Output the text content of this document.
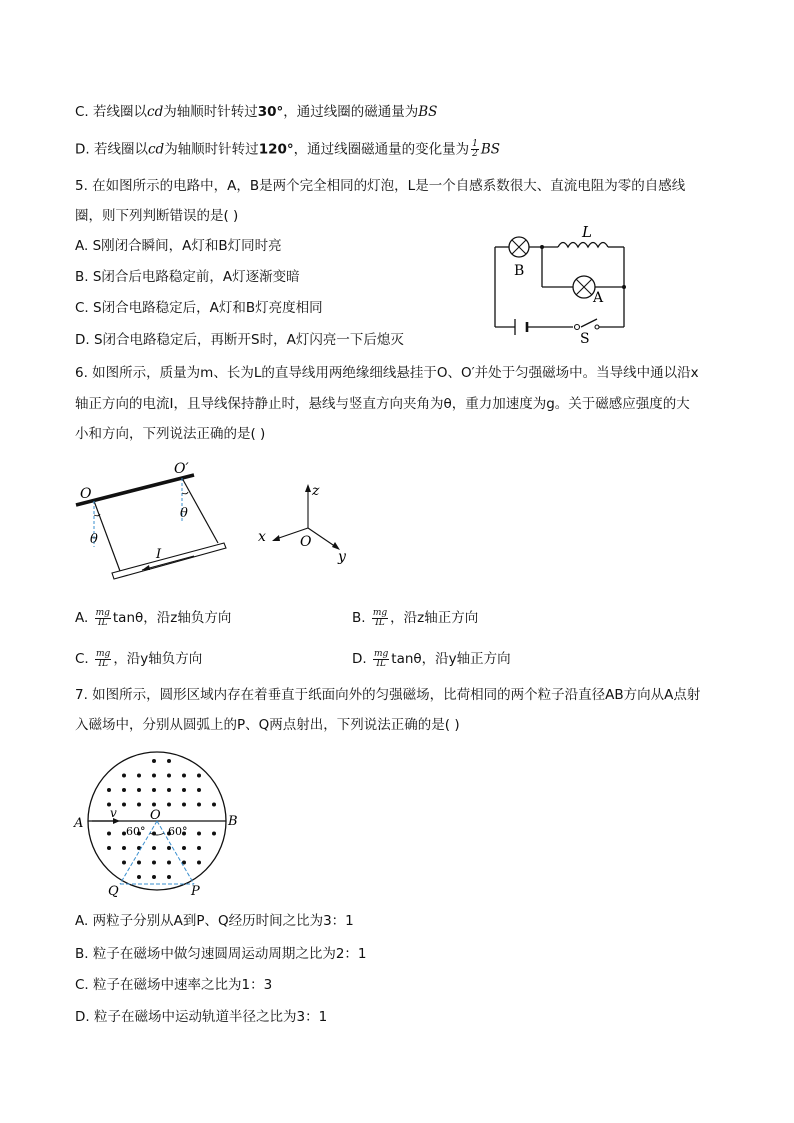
C. 若线圈以cd为轴顺时针转过30°，通过线圈的磁通量为BS
D. 若线圈以cd为轴顺时针转过120°，通过线圈磁通量的变化量为 $\frac{1}{2}$ BS
5. 在如图所示的电路中，A，B是两个完全相同的灯泡，L是一个自感系数很大、直流电阻为零的自感线
圈，则下列判断错误的是( )
A. S刚闭合瞬间，A灯和B灯同时亮
B. S闭合后电路稳定前，A灯逐渐变暗
C. S闭合电路稳定后，A灯和B灯亮度相同
D. S闭合电路稳定后，再断开S时，A灯闪亮一下后熄灭
L
B
A
S
6. 如图所示，质量为m、长为L的直导线用两绝缘细线悬挂于O、O′并处于匀强磁场中。当导线中通以沿x
轴正方向的电流I，且导线保持静止时，悬线与竖直方向夹角为θ，重力加速度为g。关于磁感应强度的大
小和方向，下列说法正确的是( )
O
O′
θ
θ
I
z
x
y
O
A. $\frac{mg}{IL}$ tanθ，沿z轴负方向	B. $\frac{mg}{IL}$ ，沿z轴正方向
C. $\frac{mg}{IL}$ ，沿y轴负方向	D. $\frac{mg}{IL}$ tanθ，沿y轴正方向
7. 如图所示，圆形区域内存在着垂直于纸面向外的匀强磁场，比荷相同的两个粒子沿直径AB方向从A点射
入磁场中，分别从圆弧上的P、Q两点射出，下列说法正确的是( )
A	B
O
v
60° 60°
Q	P
A. 两粒子分别从A到P、Q经历时间之比为3：1
B. 粒子在磁场中做匀速圆周运动周期之比为2：1
C. 粒子在磁场中速率之比为1：3
D. 粒子在磁场中运动轨道半径之比为3：1
